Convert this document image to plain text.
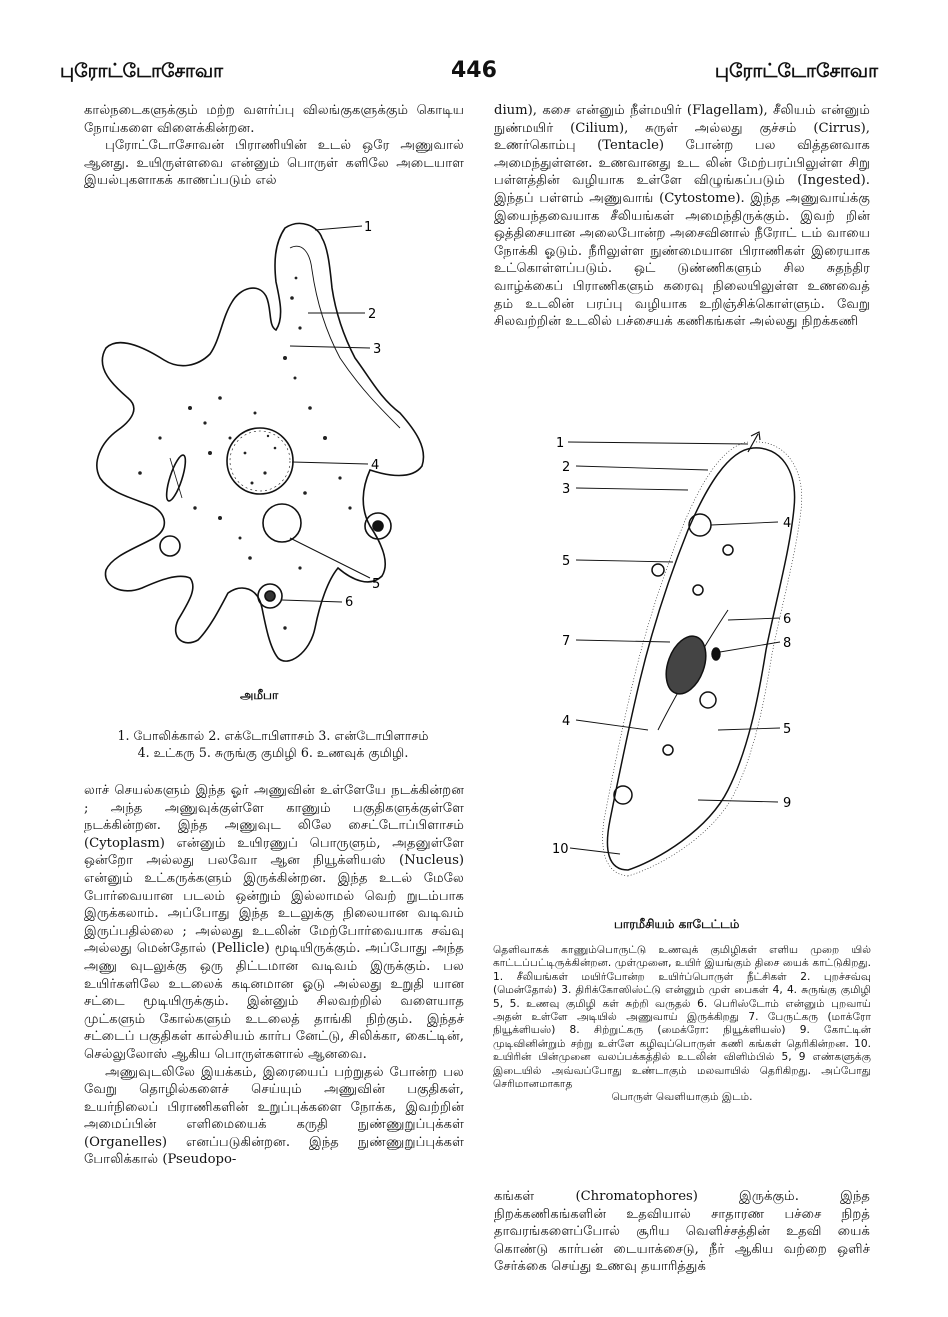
புரோட்டோசோவா	446	புரோட்டோசோவா

கால்நடைகளுக்கும் மற்ற வளர்ப்பு விலங்குகளுக்கும் கொடிய நோய்களை விளைக்கின்றன.

புரோட்டோசோவன் பிராணியின் உடல் ஒரே அணுவால் ஆனது. உயிருள்ளவை என்னும் பொருள் களிலே அடையாள இயல்புகளாகக் காணப்படும் எல்

1
2
3
4
5
6
அமீபா
1. போலிக்கால் 2. எக்டோபிளாசம் 3. என்டோபிளாசம்
4. உட்கரு 5. சுருங்கு குமிழி 6. உணவுக் குமிழி.

லாச் செயல்களும் இந்த ஓர் அணுவின் உள்ளேயே நடக்கின்றன ; அந்த அணுவுக்குள்ளே காணும் பகுதிகளுக்குள்ளே நடக்கின்றன. இந்த அணுவுட லிலே சைட்டோப்பிளாசம் (Cytoplasm) என்னும் உயிரணுப் பொருளும், அதனுள்ளே ஒன்றோ அல்லது பலவோ ஆன நியூக்ளியஸ் (Nucleus) என்னும் உட்கருக்களும் இருக்கின்றன. இந்த உடல் மேலே போர்வையான படலம் ஒன்றும் இல்லாமல் வெற் றுடம்பாக இருக்கலாம். அப்போது இந்த உடலுக்கு நிலையான வடிவம் இருப்பதில்லை ; அல்லது உடலின் மேற்போர்வையாக சவ்வு அல்லது மென்தோல் (Pellicle) மூடியிருக்கும். அப்போது அந்த அணு வுடலுக்கு ஒரு திட்டமான வடிவம் இருக்கும். பல உயிர்களிலே உடலைக் கடினமான ஓடு அல்லது உறுதி யான சட்டை மூடியிருக்கும். இன்னும் சிலவற்றில் வளையாத முட்களும் கோல்களும் உடலைத் தாங்கி நிற்கும். இந்தச் சட்டைப் பகுதிகள் கால்சியம் கார்ப னேட்டு, சிலிக்கா, கைட்டின், செல்லுலோஸ் ஆகிய பொருள்களால் ஆனவை.

அணுவுடலிலே இயக்கம், இரையைப் பற்றுதல் போன்ற பல வேறு தொழில்களைச் செய்யும் அணுவின் பகுதிகள், உயர்நிலைப் பிராணிகளின் உறுப்புக்களை நோக்க, இவற்றின் அமைப்பின் எளிமையைக் கருதி நுண்ணுறுப்புக்கள் (Organelles) எனப்படுகின்றன. இந்த நுண்ணுறுப்புக்கள் போலிக்கால் (Pseudopo-

dium), கசை என்னும் நீள்மயிர் (Flagellam), சீலியம் என்னும் நுண்மயிர் (Cilium), சுருள் அல்லது குச்சம் (Cirrus), உணர்கொம்பு (Tentacle) போன்ற பல வித்தனவாக அமைந்துள்ளன. உணவானது உட லின் மேற்பரப்பிலுள்ள சிறு பள்ளத்தின் வழியாக உள்ளே விழுங்கப்படும் (Ingested). இந்தப் பள்ளம் அணுவாங் (Cytostome). இந்த அணுவாய்க்கு இயைந்தவையாக சீலியங்கள் அமைந்திருக்கும். இவற் றின் ஒத்திசையான அலைபோன்ற அசைவினால் நீரோட் டம் வாயை நோக்கி ஓடும். நீரிலுள்ள நுண்மையான பிராணிகள் இரையாக உட்கொள்ளப்படும். ஒட் டுண்ணிகளும் சில சுதந்திர வாழ்க்கைப் பிராணிகளும் கரைவு நிலையிலுள்ள உணவைத் தம் உடலின் பரப்பு வழியாக உறிஞ்சிக்கொள்ளும். வேறு சிலவற்றின் உடலில் பச்சையக் கணிகங்கள் அல்லது நிறக்கணி
1
2
3
4
5
6
7	8
4
5
9
10
பாரமீசியம் காடேட்டம்
தெளிவாகக் காணும்பொருட்டு உணவுக் குமிழிகள் எளிய முறை யில் காட்டப்பட்டிருக்கின்றன. முள்முனை, உயிர் இயங்கும் திசை யைக் காட்டுகிறது. 1. சீலியங்கள் மயிர்போன்ற உயிர்ப்பொருள் நீட்சிகள் 2. புறச்சவ்வு (மென்தோல்) 3. திரிக்கோஸிஸ்ட்டு என்னும் முள் பைகள் 4, 4. சுருங்கு குமிழி 5, 5. உணவு குமிழி கள் சுற்றி வருதல் 6. பெரிஸ்டோம் என்னும் புறவாய் அதன் உள்ளே அடியில் அணுவாய் இருக்கிறது 7. பேருட்கரு (மாக்ரோ நியூக்ளியஸ்) 8. சிற்றுட்கரு (மைக்ரோ: நியூக்ளியஸ்) 9. கோட்டின் முடிவினின்றும் சற்று உள்ளே கழிவுப்பொருள் கணி கங்கள் தெரிகின்றன. 10. உயிரின் பின்முனை வலப்பக்கத்தில் உடலின் விளிம்பில் 5, 9 எண்களுக்கு இடையில் அவ்வப்போது உண்டாகும் மலவாயில் தெரிகிறது. அப்போது செரிமானமாகாத
பொருள் வெளியாகும் இடம்.
கங்கள் (Chromatophores) இருக்கும். இந்த நிறக்கணிகங்களின் உதவியால் சாதாரண பச்சை நிறத் தாவரங்களைப்போல் சூரிய வெளிச்சத்தின் உதவி யைக் கொண்டு கார்பன் டையாக்சைடு, நீர் ஆகிய வற்றை ஒளிச் சேர்க்கை செய்து உணவு தயாரித்துக்
